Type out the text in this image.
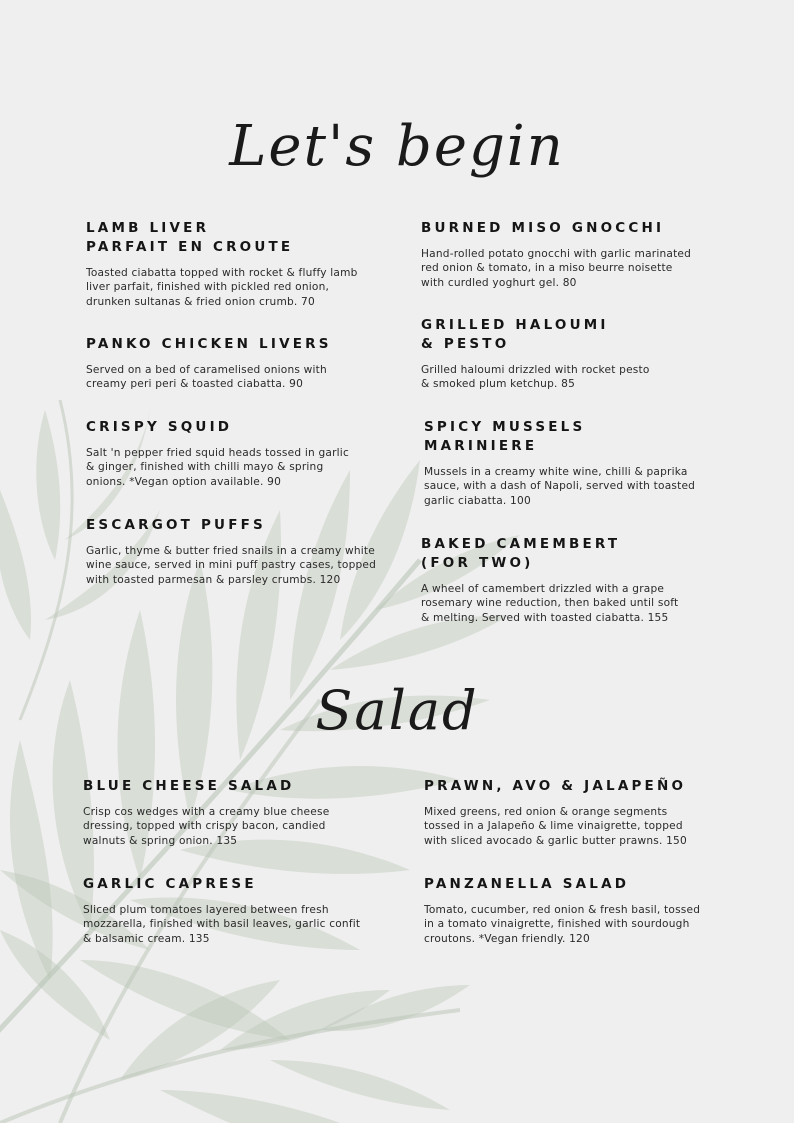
Let's begin
LAMB LIVER
PARFAIT EN CROUTE

Toasted ciabatta topped with rocket & fluffy lamb
liver parfait, finished with pickled red onion,
drunken sultanas & fried onion crumb. 70

BURNED MISO GNOCCHI

Hand-rolled potato gnocchi with garlic marinated
red onion & tomato, in a miso beurre noisette
with curdled yoghurt gel. 80

PANKO CHICKEN LIVERS

Served on a bed of caramelised onions with
creamy peri peri & toasted ciabatta. 90

GRILLED HALOUMI
& PESTO

Grilled haloumi drizzled with rocket pesto
& smoked plum ketchup. 85

CRISPY SQUID

Salt 'n pepper fried squid heads tossed in garlic
& ginger, finished with chilli mayo & spring
onions. *Vegan option available. 90

SPICY MUSSELS
MARINIERE

Mussels in a creamy white wine, chilli & paprika
sauce, with a dash of Napoli, served with toasted
garlic ciabatta. 100

ESCARGOT PUFFS

Garlic, thyme & butter fried snails in a creamy white
wine sauce, served in mini puff pastry cases, topped
with toasted parmesan & parsley crumbs. 120

BAKED CAMEMBERT
(FOR TWO)

A wheel of camembert drizzled with a grape
rosemary wine reduction, then baked until soft
& melting. Served with toasted ciabatta. 155

Salad
BLUE CHEESE SALAD

Crisp cos wedges with a creamy blue cheese
dressing, topped with crispy bacon, candied
walnuts & spring onion. 135

PRAWN, AVO & JALAPEÑO

Mixed greens, red onion & orange segments
tossed in a Jalapeño & lime vinaigrette, topped
with sliced avocado & garlic butter prawns. 150

GARLIC CAPRESE

Sliced plum tomatoes layered between fresh
mozzarella, finished with basil leaves, garlic confit
& balsamic cream. 135

PANZANELLA SALAD

Tomato, cucumber, red onion & fresh basil, tossed
in a tomato vinaigrette, finished with sourdough
croutons. *Vegan friendly. 120
